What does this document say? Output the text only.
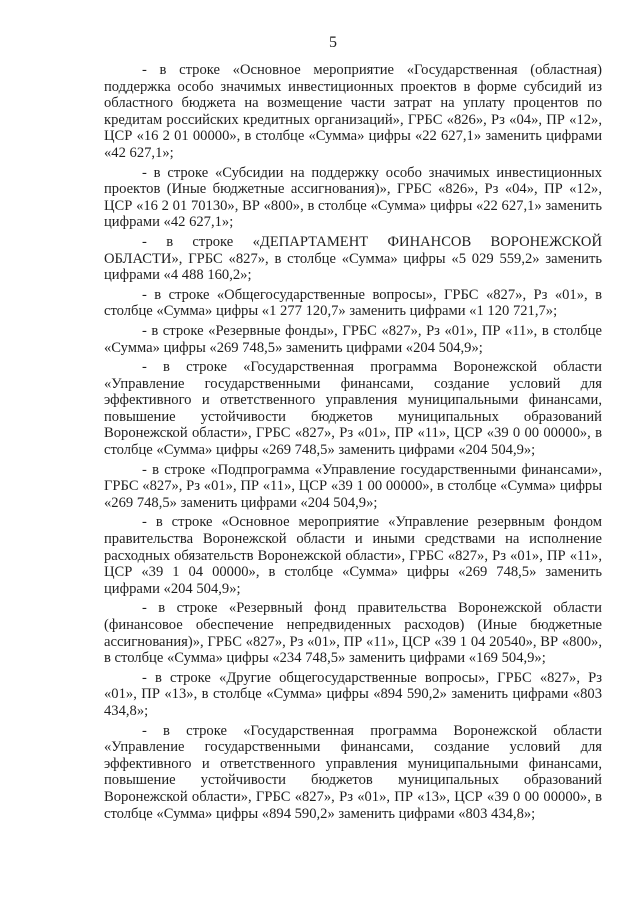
5

- в строке «Основное мероприятие «Государственная (областная) поддержка особо значимых инвестиционных проектов в форме субсидий из областного бюджета на возмещение части затрат на уплату процентов по кредитам российских кредитных организаций», ГРБС «826», Рз «04», ПР «12», ЦСР «16 2 01 00000», в столбце «Сумма» цифры «22 627,1» заменить цифрами «42 627,1»;

- в строке «Субсидии на поддержку особо значимых инвестиционных проектов (Иные бюджетные ассигнования)», ГРБС «826», Рз «04», ПР «12», ЦСР «16 2 01 70130», ВР «800», в столбце «Сумма» цифры «22 627,1» заменить цифрами «42 627,1»;

- в строке «ДЕПАРТАМЕНТ ФИНАНСОВ ВОРОНЕЖСКОЙ ОБЛАСТИ», ГРБС «827», в столбце «Сумма» цифры «5 029 559,2» заменить цифрами «4 488 160,2»;

- в строке «Общегосударственные вопросы», ГРБС «827», Рз «01», в столбце «Сумма» цифры «1 277 120,7» заменить цифрами «1 120 721,7»;

- в строке «Резервные фонды», ГРБС «827», Рз «01», ПР «11», в столбце «Сумма» цифры «269 748,5» заменить цифрами «204 504,9»;

- в строке «Государственная программа Воронежской области «Управление государственными финансами, создание условий для эффективного и ответственного управления муниципальными финансами, повышение устойчивости бюджетов муниципальных образований Воронежской области», ГРБС «827», Рз «01», ПР «11», ЦСР «39 0 00 00000», в столбце «Сумма» цифры «269 748,5» заменить цифрами «204 504,9»;

- в строке «Подпрограмма «Управление государственными финансами», ГРБС «827», Рз «01», ПР «11», ЦСР «39 1 00 00000», в столбце «Сумма» цифры «269 748,5» заменить цифрами «204 504,9»;

- в строке «Основное мероприятие «Управление резервным фондом правительства Воронежской области и иными средствами на исполнение расходных обязательств Воронежской области», ГРБС «827», Рз «01», ПР «11», ЦСР «39 1 04 00000», в столбце «Сумма» цифры «269 748,5» заменить цифрами «204 504,9»;

- в строке «Резервный фонд правительства Воронежской области (финансовое обеспечение непредвиденных расходов) (Иные бюджетные ассигнования)», ГРБС «827», Рз «01», ПР «11», ЦСР «39 1 04 20540», ВР «800», в столбце «Сумма» цифры «234 748,5» заменить цифрами «169 504,9»;

- в строке «Другие общегосударственные вопросы», ГРБС «827», Рз «01», ПР «13», в столбце «Сумма» цифры «894 590,2» заменить цифрами «803 434,8»;

- в строке «Государственная программа Воронежской области «Управление государственными финансами, создание условий для эффективного и ответственного управления муниципальными финансами, повышение устойчивости бюджетов муниципальных образований Воронежской области», ГРБС «827», Рз «01», ПР «13», ЦСР «39 0 00 00000», в столбце «Сумма» цифры «894 590,2» заменить цифрами «803 434,8»;
